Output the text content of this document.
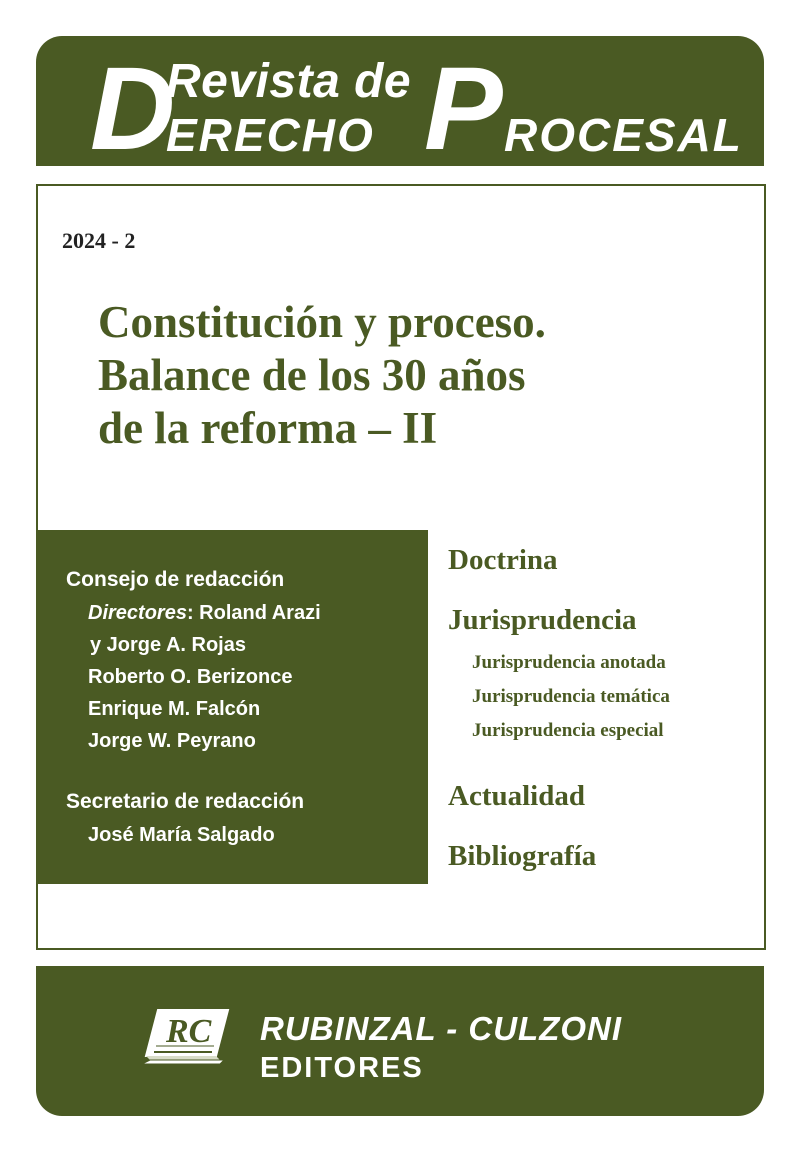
D
Revista de
ERECHO P ROCESAL
2024 - 2
Constitución y proceso.
Balance de los 30 años
de la reforma – II
Consejo de redacción
Directores: Roland Arazi
y Jorge A. Rojas
Roberto O. Berizonce
Enrique M. Falcón
Jorge W. Peyrano
Secretario de redacción
José María Salgado
Doctrina
Jurisprudencia
Jurisprudencia anotada
Jurisprudencia temática
Jurisprudencia especial
Actualidad
Bibliografía
RC RUBINZAL - CULZONI
EDITORES
